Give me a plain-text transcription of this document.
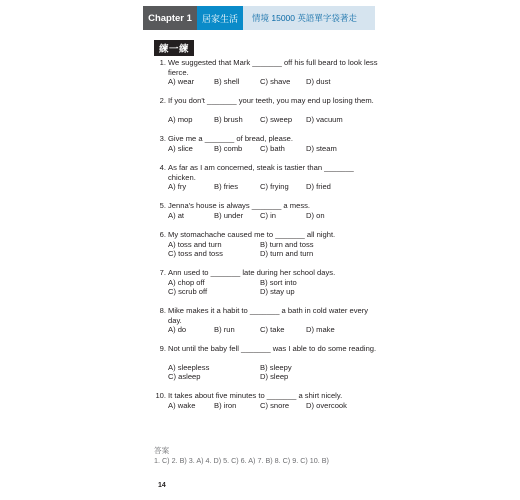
Chapter 1	居家生活	情境 15000 英語單字袋著走
練一練
1. We suggested that Mark _______ off his full beard to look less fierce.
A) wear	B) shell	C) shave D) dust
2. If you don't _______ your teeth, you may end up losing them.
A) mop	B) brush C) sweep D) vacuum
3. Give me a _______ of bread, please.
A) slice	B) comb C) bath	D) steam
4. As far as I am concerned, steak is tastier than _______ chicken.
A) fry	B) fries	C) frying D) fried
5. Jenna's house is always _______ a mess.
A) at	B) under C) in	D) on
6. My stomachache caused me to _______ all night.
A) toss and turn	B) turn and toss
C) toss and toss	D) turn and turn
7. Ann used to _______ late during her school days.
A) chop off	B) sort into
C) scrub off	D) stay up
8. Mike makes it a habit to _______ a bath in cold water every day.
A) do	B) run	C) take	D) make
9. Not until the baby fell _______ was I able to do some reading.
A) sleepless	B) sleepy
C) asleep	D) sleep
10. It takes about five minutes to _______ a shirt nicely.
A) wake B) iron	C) snore D) overcook
答案
1. C) 2. B) 3. A) 4. D) 5. C) 6. A) 7. B) 8. C) 9. C) 10. B)
14
